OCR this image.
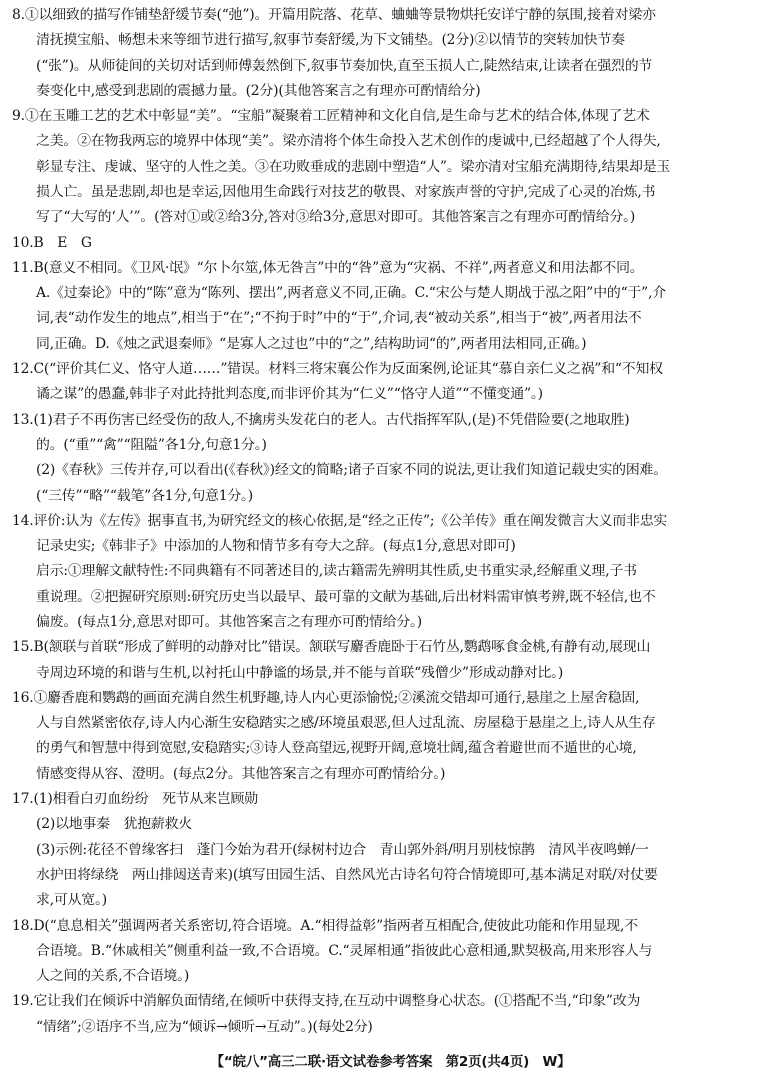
8.①以细致的描写作铺垫舒缓节奏(“弛”)。开篇用院落、花草、蛐蛐等景物烘托安详宁静的氛围,接着对梁亦
清抚摸宝船、畅想未来等细节进行描写,叙事节奏舒缓,为下文铺垫。(2分)②以情节的突转加快节奏
(“张”)。从师徒间的关切对话到师傅轰然倒下,叙事节奏加快,直至玉损人亡,陡然结束,让读者在强烈的节
奏变化中,感受到悲剧的震撼力量。(2分)(其他答案言之有理亦可酌情给分)
9.①在玉雕工艺的艺术中彰显“美”。“宝船”凝聚着工匠精神和文化自信,是生命与艺术的结合体,体现了艺术
之美。②在物我两忘的境界中体现“美”。梁亦清将个体生命投入艺术创作的虔诚中,已经超越了个人得失,
彰显专注、虔诚、坚守的人性之美。③在功败垂成的悲剧中塑造“人”。梁亦清对宝船充满期待,结果却是玉
损人亡。虽是悲剧,却也是幸运,因他用生命践行对技艺的敬畏、对家族声誉的守护,完成了心灵的冶炼,书
写了“大写的‘人’”。(答对①或②给3分,答对③给3分,意思对即可。其他答案言之有理亦可酌情给分。)
10.B　E　G
11.B(意义不相同。《卫风·氓》“尔卜尔筮,体无咎言”中的“咎”意为“灾祸、不祥”,两者意义和用法都不同。
A.《过秦论》中的“陈”意为“陈列、摆出”,两者意义不同,正确。C.“宋公与楚人期战于泓之阳”中的“于”,介
词,表“动作发生的地点”,相当于“在”;“不拘于时”中的“于”,介词,表“被动关系”,相当于“被”,两者用法不
同,正确。D.《烛之武退秦师》“是寡人之过也”中的“之”,结构助词“的”,两者用法相同,正确。)
12.C(“评价其仁义、恪守人道……”错误。材料三将宋襄公作为反面案例,论证其“慕自亲仁义之祸”和“不知权
谲之谋”的愚蠢,韩非子对此持批判态度,而非评价其为“仁义”“恪守人道”“不懂变通”。)
13.(1)君子不再伤害已经受伤的敌人,不擒虏头发花白的老人。古代指挥军队,(是)不凭借险要(之地取胜)
的。(“重”“禽”“阻隘”各1分,句意1分。)
(2)《春秋》三传并存,可以看出(《春秋》)经文的简略;诸子百家不同的说法,更让我们知道记载史实的困难。
(“三传”“略”“载笔”各1分,句意1分。)
14.评价:认为《左传》据事直书,为研究经文的核心依据,是“经之正传”;《公羊传》重在阐发微言大义而非忠实
记录史实;《韩非子》中添加的人物和情节多有夸大之辞。(每点1分,意思对即可)
启示:①理解文献特性:不同典籍有不同著述目的,读古籍需先辨明其性质,史书重实录,经解重义理,子书
重说理。②把握研究原则:研究历史当以最早、最可靠的文献为基础,后出材料需审慎考辨,既不轻信,也不
偏废。(每点1分,意思对即可。其他答案言之有理亦可酌情给分。)
15.B(颔联与首联“形成了鲜明的动静对比”错误。颔联写麝香鹿卧于石竹丛,鹦鹉啄食金桃,有静有动,展现山
寺周边环境的和谐与生机,以衬托山中静谧的场景,并不能与首联“残僧少”形成动静对比。)
16.①麝香鹿和鹦鹉的画面充满自然生机野趣,诗人内心更添愉悦;②溪流交错却可通行,悬崖之上屋舍稳固,
人与自然紧密依存,诗人内心渐生安稳踏实之感/环境虽艰恶,但人过乱流、房屋稳于悬崖之上,诗人从生存
的勇气和智慧中得到宽慰,安稳踏实;③诗人登高望远,视野开阔,意境壮阔,蕴含着避世而不遁世的心境,
情感变得从容、澄明。(每点2分。其他答案言之有理亦可酌情给分。)
17.(1)相看白刃血纷纷　死节从来岂顾勋
(2)以地事秦　犹抱薪救火
(3)示例:花径不曾缘客扫　蓬门今始为君开(绿树村边合　青山郭外斜/明月别枝惊鹊　清风半夜鸣蝉/一
水护田将绿绕　两山排闼送青来)(填写田园生活、自然风光古诗名句符合情境即可,基本满足对联/对仗要
求,可从宽。)
18.D(“息息相关”强调两者关系密切,符合语境。A.“相得益彰”指两者互相配合,使彼此功能和作用显现,不
合语境。B.“休戚相关”侧重利益一致,不合语境。C.“灵犀相通”指彼此心意相通,默契极高,用来形容人与
人之间的关系,不合语境。)
19.它让我们在倾诉中消解负面情绪,在倾听中获得支持,在互动中调整身心状态。(①搭配不当,“印象”改为
“情绪”;②语序不当,应为“倾诉→倾听→互动”。)(每处2分)
【“皖八”高三二联·语文试卷参考答案　第2页(共4页)　W】
